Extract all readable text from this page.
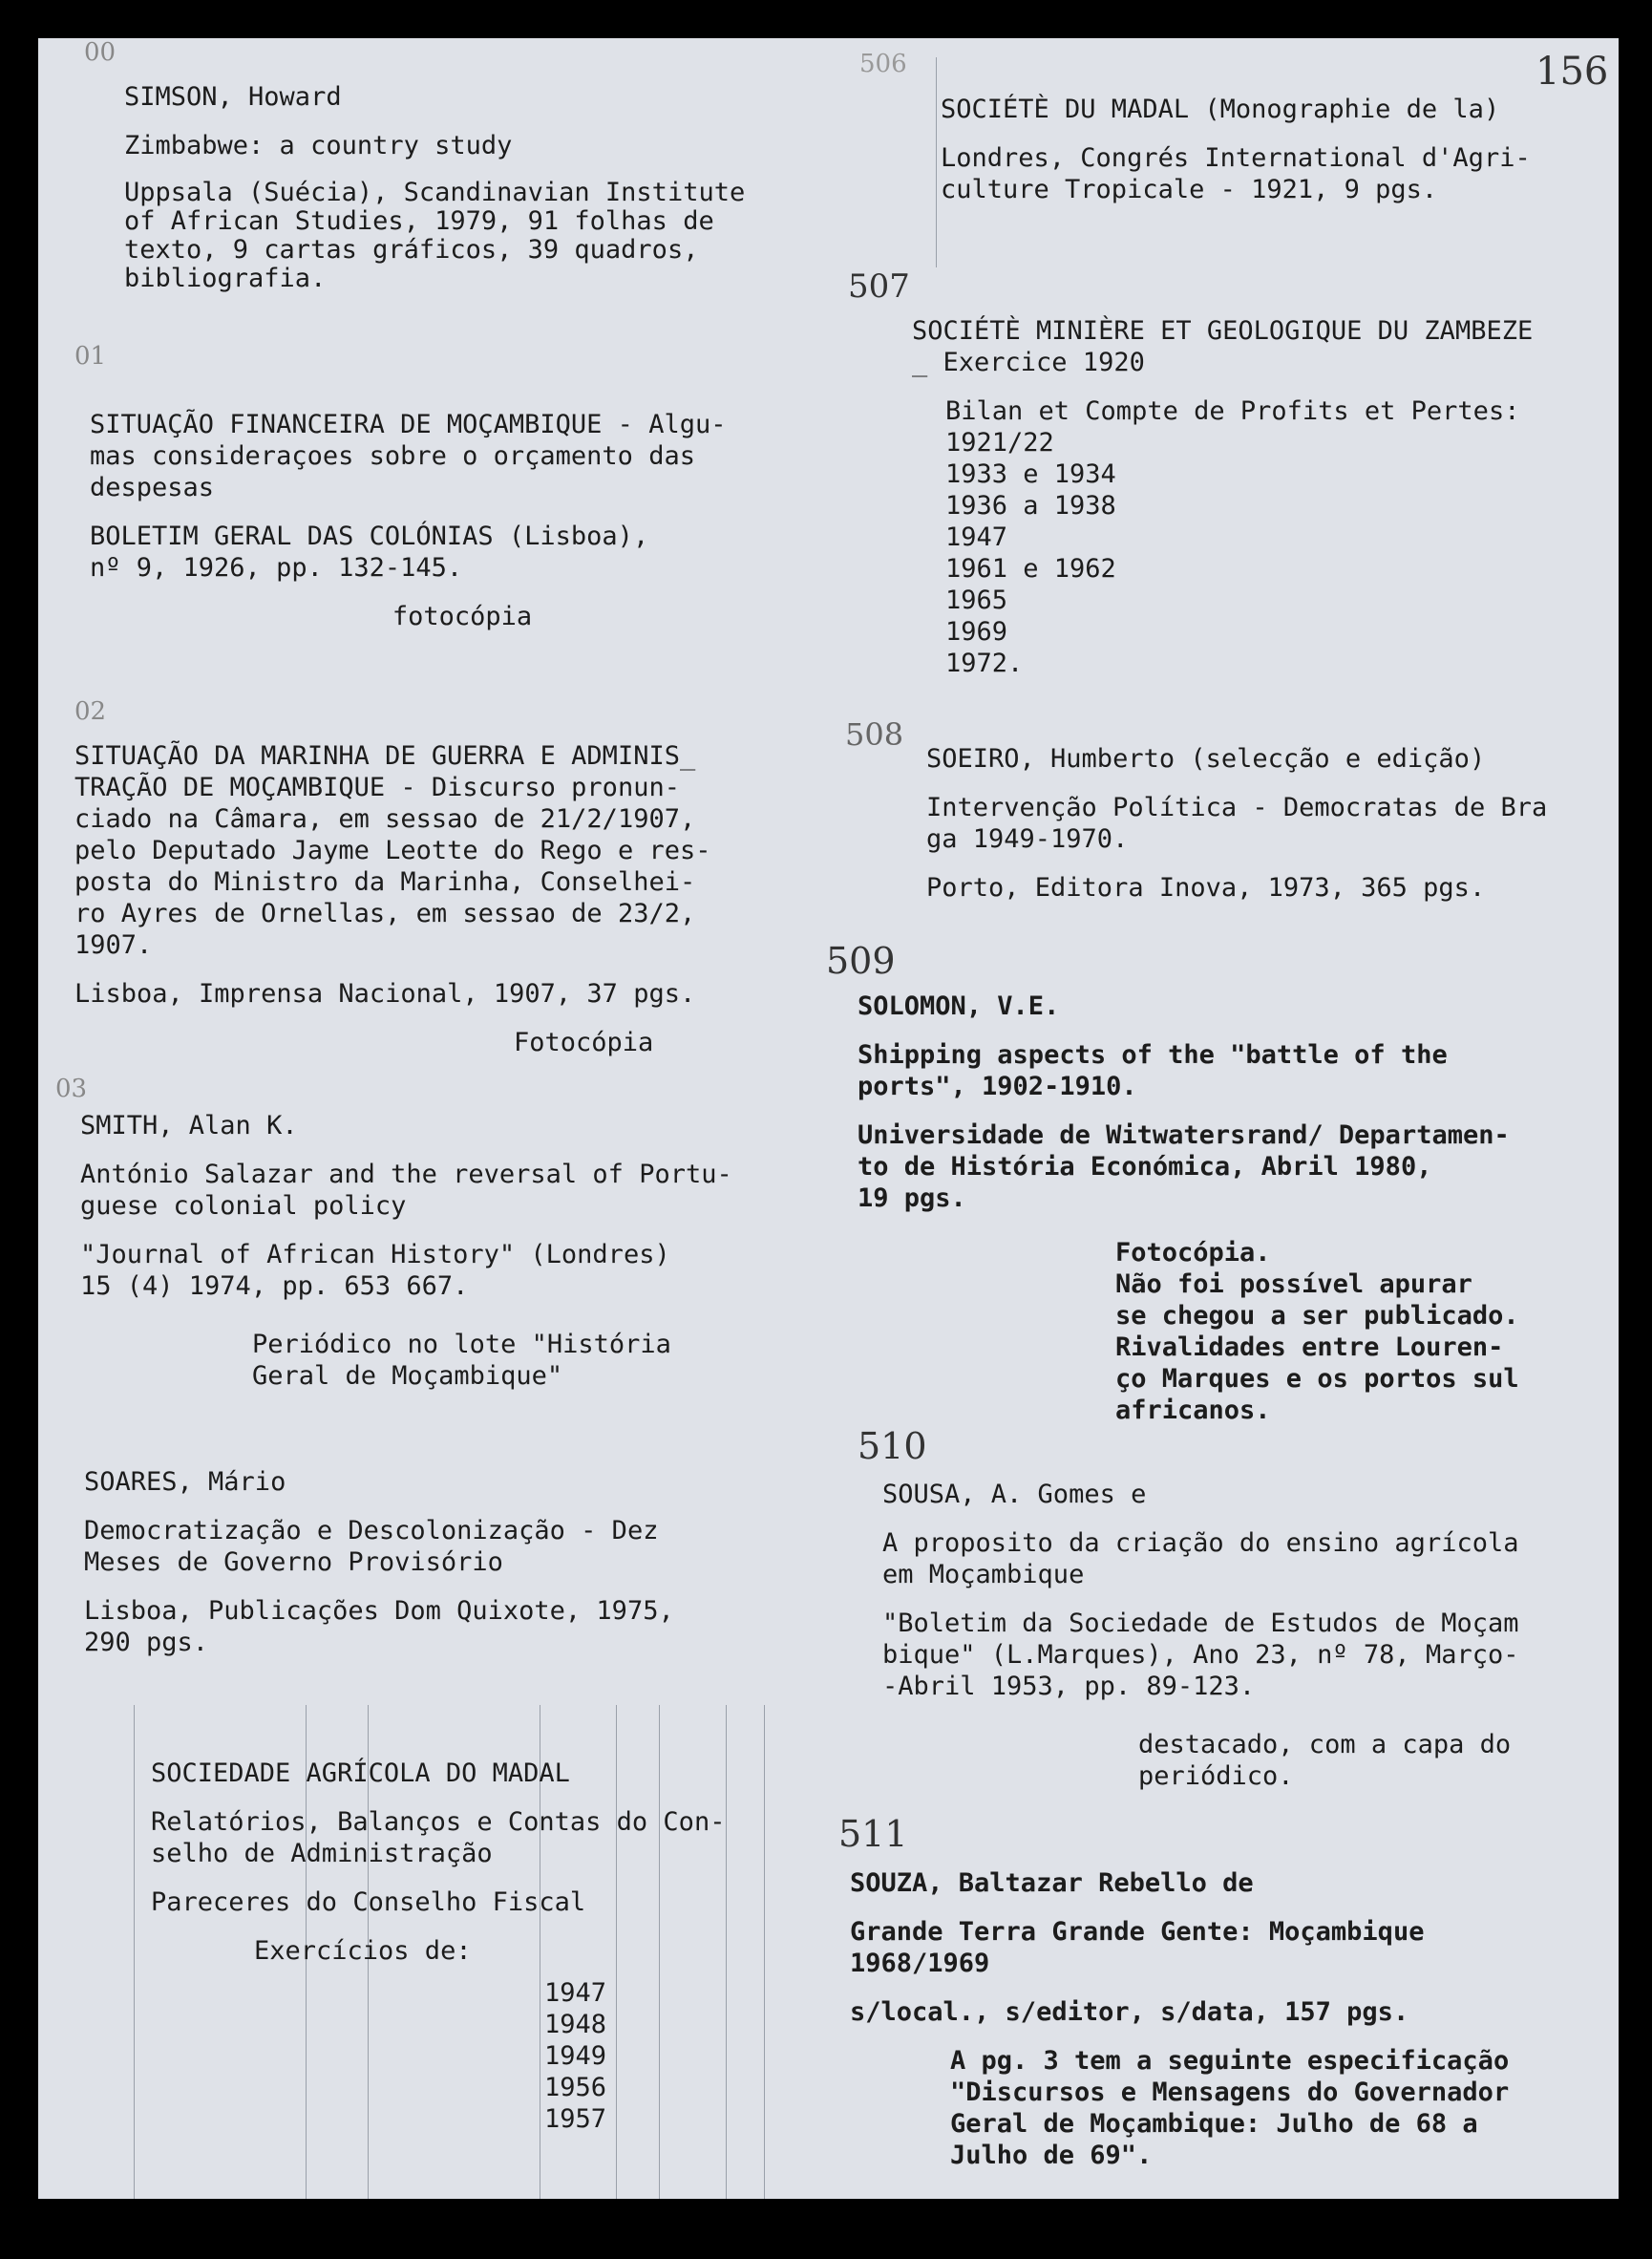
156
00

SIMSON, Howard

Zimbabwe: a country study

Uppsala (Suécia), Scandinavian Institute
of African Studies, 1979, 91 folhas de
texto, 9 cartas gráficos, 39 quadros,
bibliografia.

01

SITUAÇÃO FINANCEIRA DE MOÇAMBIQUE - Algu-
mas consideraçoes sobre o orçamento das
despesas

BOLETIM GERAL DAS COLÓNIAS (Lisboa),
nº 9, 1926, pp. 132-145.

fotocópia

02

SITUAÇÃO DA MARINHA DE GUERRA E ADMINIS_
TRAÇÃO DE MOÇAMBIQUE - Discurso pronun-
ciado na Câmara, em sessao de 21/2/1907,
pelo Deputado Jayme Leotte do Rego e res-
posta do Ministro da Marinha, Conselhei-
ro Ayres de Ornellas, em sessao de 23/2,
1907.

Lisboa, Imprensa Nacional, 1907, 37 pgs.

Fotocópia

03

SMITH, Alan K.

António Salazar and the reversal of Portu-
guese colonial policy

"Journal of African History" (Londres)
15 (4) 1974, pp. 653 667.

Periódico no lote "História
Geral de Moçambique"

SOARES, Mário

Democratização e Descolonização - Dez
Meses de Governo Provisório

Lisboa, Publicações Dom Quixote, 1975,
290 pgs.

SOCIEDADE AGRÍCOLA DO MADAL

Relatórios, Balanços e Contas do Con-
selho de Administração

Pareceres do Conselho Fiscal

Exercícios de:

1947
1948
1949
1956
1957
506

SOCIÉTÈ DU MADAL (Monographie de la)

Londres, Congrés International d'Agri-
culture Tropicale - 1921, 9 pgs.

507

SOCIÉTÈ MINIÈRE ET GEOLOGIQUE DU ZAMBEZE
_ Exercice 1920

Bilan et Compte de Profits et Pertes:
1921/22
1933 e 1934
1936 a 1938
1947
1961 e 1962
1965
1969
1972.

508

SOEIRO, Humberto (selecção e edição)

Intervenção Política - Democratas de Bra
ga 1949-1970.

Porto, Editora Inova, 1973, 365 pgs.

509

SOLOMON, V.E.

Shipping aspects of the "battle of the
ports", 1902-1910.

Universidade de Witwatersrand/ Departamen-
to de História Económica, Abril 1980,
19 pgs.

Fotocópia.
Não foi possível apurar
se chegou a ser publicado.
Rivalidades entre Louren-
ço Marques e os portos sul
africanos.

510

SOUSA, A. Gomes e

A proposito da criação do ensino agrícola
em Moçambique

"Boletim da Sociedade de Estudos de Moçam
bique" (L.Marques), Ano 23, nº 78, Março-
-Abril 1953, pp. 89-123.

destacado, com a capa do
periódico.

511

SOUZA, Baltazar Rebello de

Grande Terra Grande Gente: Moçambique
1968/1969

s/local., s/editor, s/data, 157 pgs.

A pg. 3 tem a seguinte especificação
"Discursos e Mensagens do Governador
Geral de Moçambique: Julho de 68 a
Julho de 69".
